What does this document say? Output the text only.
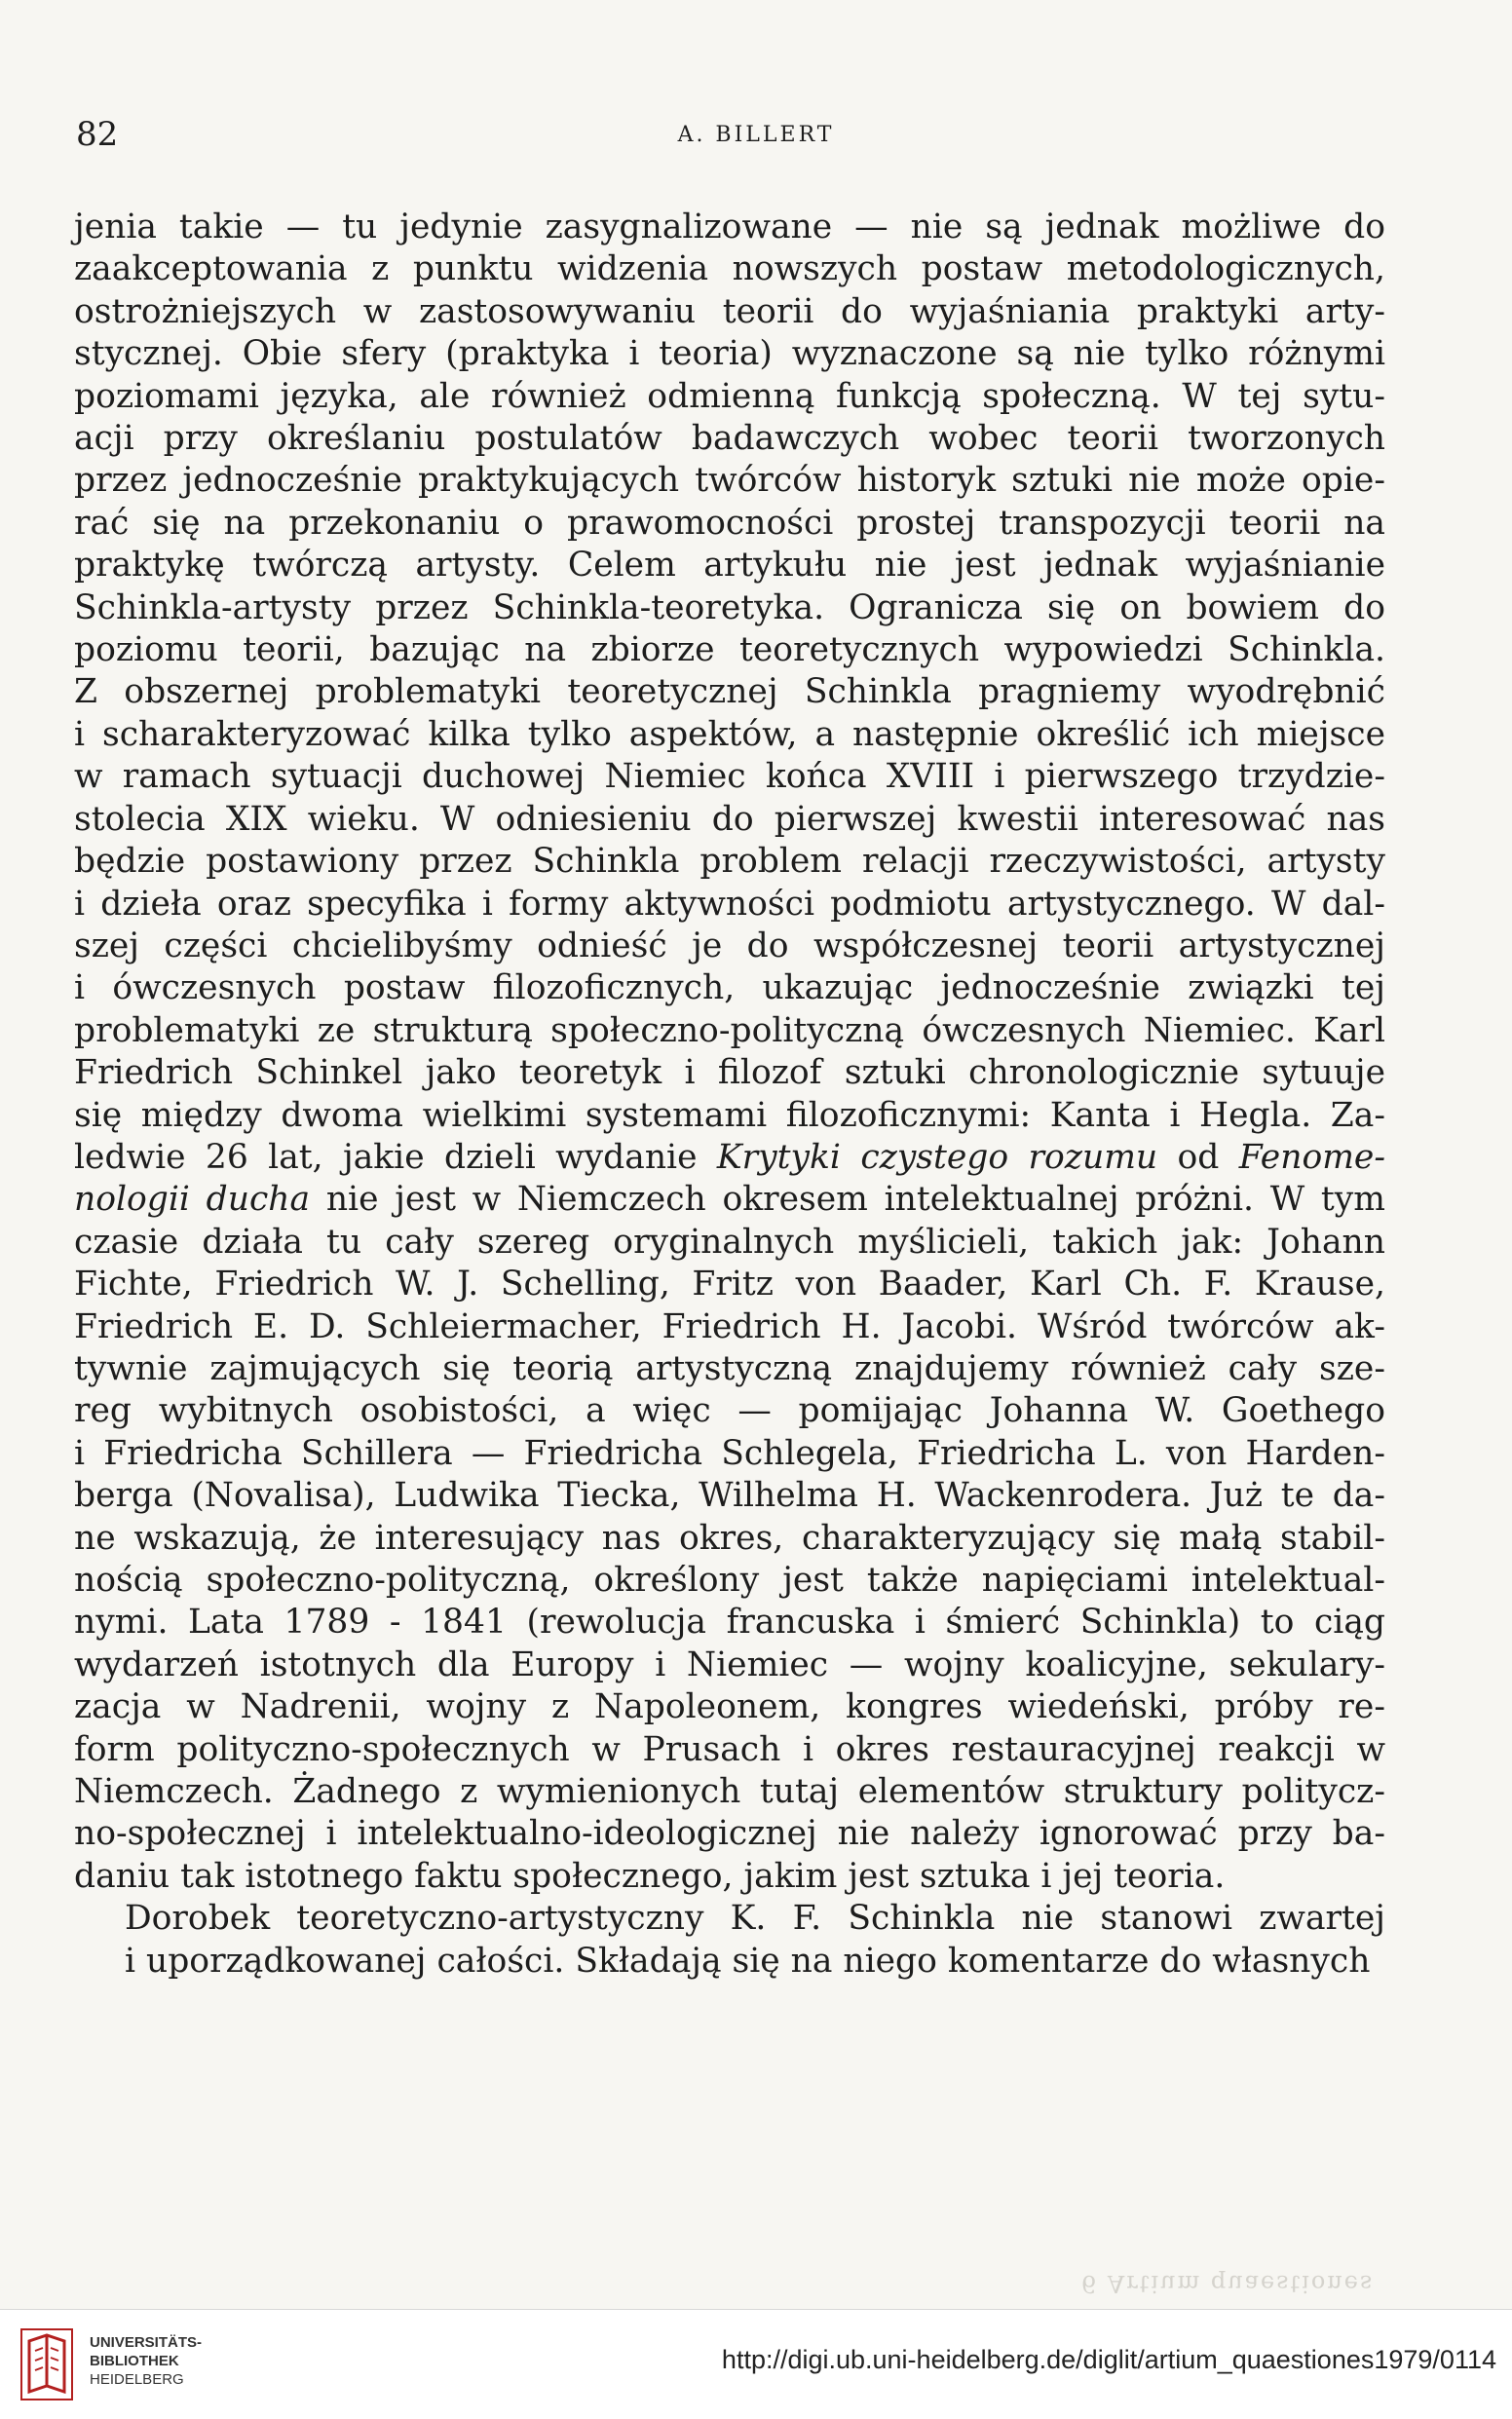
82	A. BILLERT

jenia takie — tu jedynie zasygnalizowane — nie są jednak możliwe do
zaakceptowania z punktu widzenia nowszych postaw metodologicznych,
ostrożniejszych w zastosowywaniu teorii do wyjaśniania praktyki arty-
stycznej. Obie sfery (praktyka i teoria) wyznaczone są nie tylko różnymi
poziomami języka, ale również odmienną funkcją społeczną. W tej sytu-
acji przy określaniu postulatów badawczych wobec teorii tworzonych
przez jednocześnie praktykujących twórców historyk sztuki nie może opie-
rać się na przekonaniu o prawomocności prostej transpozycji teorii na
praktykę twórczą artysty. Celem artykułu nie jest jednak wyjaśnianie
Schinkla-artysty przez Schinkla-teoretyka. Ogranicza się on bowiem do
poziomu teorii, bazując na zbiorze teoretycznych wypowiedzi Schinkla.
Z obszernej problematyki teoretycznej Schinkla pragniemy wyodrębnić
i scharakteryzować kilka tylko aspektów, a następnie określić ich miejsce
w ramach sytuacji duchowej Niemiec końca XVIII i pierwszego trzydzie-
stolecia XIX wieku. W odniesieniu do pierwszej kwestii interesować nas
będzie postawiony przez Schinkla problem relacji rzeczywistości, artysty
i dzieła oraz specyfika i formy aktywności podmiotu artystycznego. W dal-
szej części chcielibyśmy odnieść je do współczesnej teorii artystycznej
i ówczesnych postaw filozoficznych, ukazując jednocześnie związki tej
problematyki ze strukturą społeczno-polityczną ówczesnych Niemiec. Karl
Friedrich Schinkel jako teoretyk i filozof sztuki chronologicznie sytuuje
się między dwoma wielkimi systemami filozoficznymi: Kanta i Hegla. Za-
ledwie 26 lat, jakie dzieli wydanie Krytyki czystego rozumu od Fenome-
nologii ducha nie jest w Niemczech okresem intelektualnej próżni. W tym
czasie działa tu cały szereg oryginalnych myślicieli, takich jak: Johann
Fichte, Friedrich W. J. Schelling, Fritz von Baader, Karl Ch. F. Krause,
Friedrich E. D. Schleiermacher, Friedrich H. Jacobi. Wśród twórców ak-
tywnie zajmujących się teorią artystyczną znajdujemy również cały sze-
reg wybitnych osobistości, a więc — pomijając Johanna W. Goethego
i Friedricha Schillera — Friedricha Schlegela, Friedricha L. von Harden-
berga (Novalisa), Ludwika Tiecka, Wilhelma H. Wackenrodera. Już te da-
ne wskazują, że interesujący nas okres, charakteryzujący się małą stabil-
nością społeczno-polityczną, określony jest także napięciami intelektual-
nymi. Lata 1789 - 1841 (rewolucja francuska i śmierć Schinkla) to ciąg
wydarzeń istotnych dla Europy i Niemiec — wojny koalicyjne, sekulary-
zacja w Nadrenii, wojny z Napoleonem, kongres wiedeński, próby re-
form polityczno-społecznych w Prusach i okres restauracyjnej reakcji w
Niemczech. Żadnego z wymienionych tutaj elementów struktury politycz-
no-społecznej i intelektualno-ideologicznej nie należy ignorować przy ba-
daniu tak istotnego faktu społecznego, jakim jest sztuka i jej teoria.

Dorobek teoretyczno-artystyczny K. F. Schinkla nie stanowi zwartej
i uporządkowanej całości. Składają się na niego komentarze do własnych

6 Artium quaestiones
UNIVERSITÄTS-
BIBLIOTHEK
HEIDELBERG
http://digi.ub.uni-heidelberg.de/diglit/artium_quaestiones1979/0114
